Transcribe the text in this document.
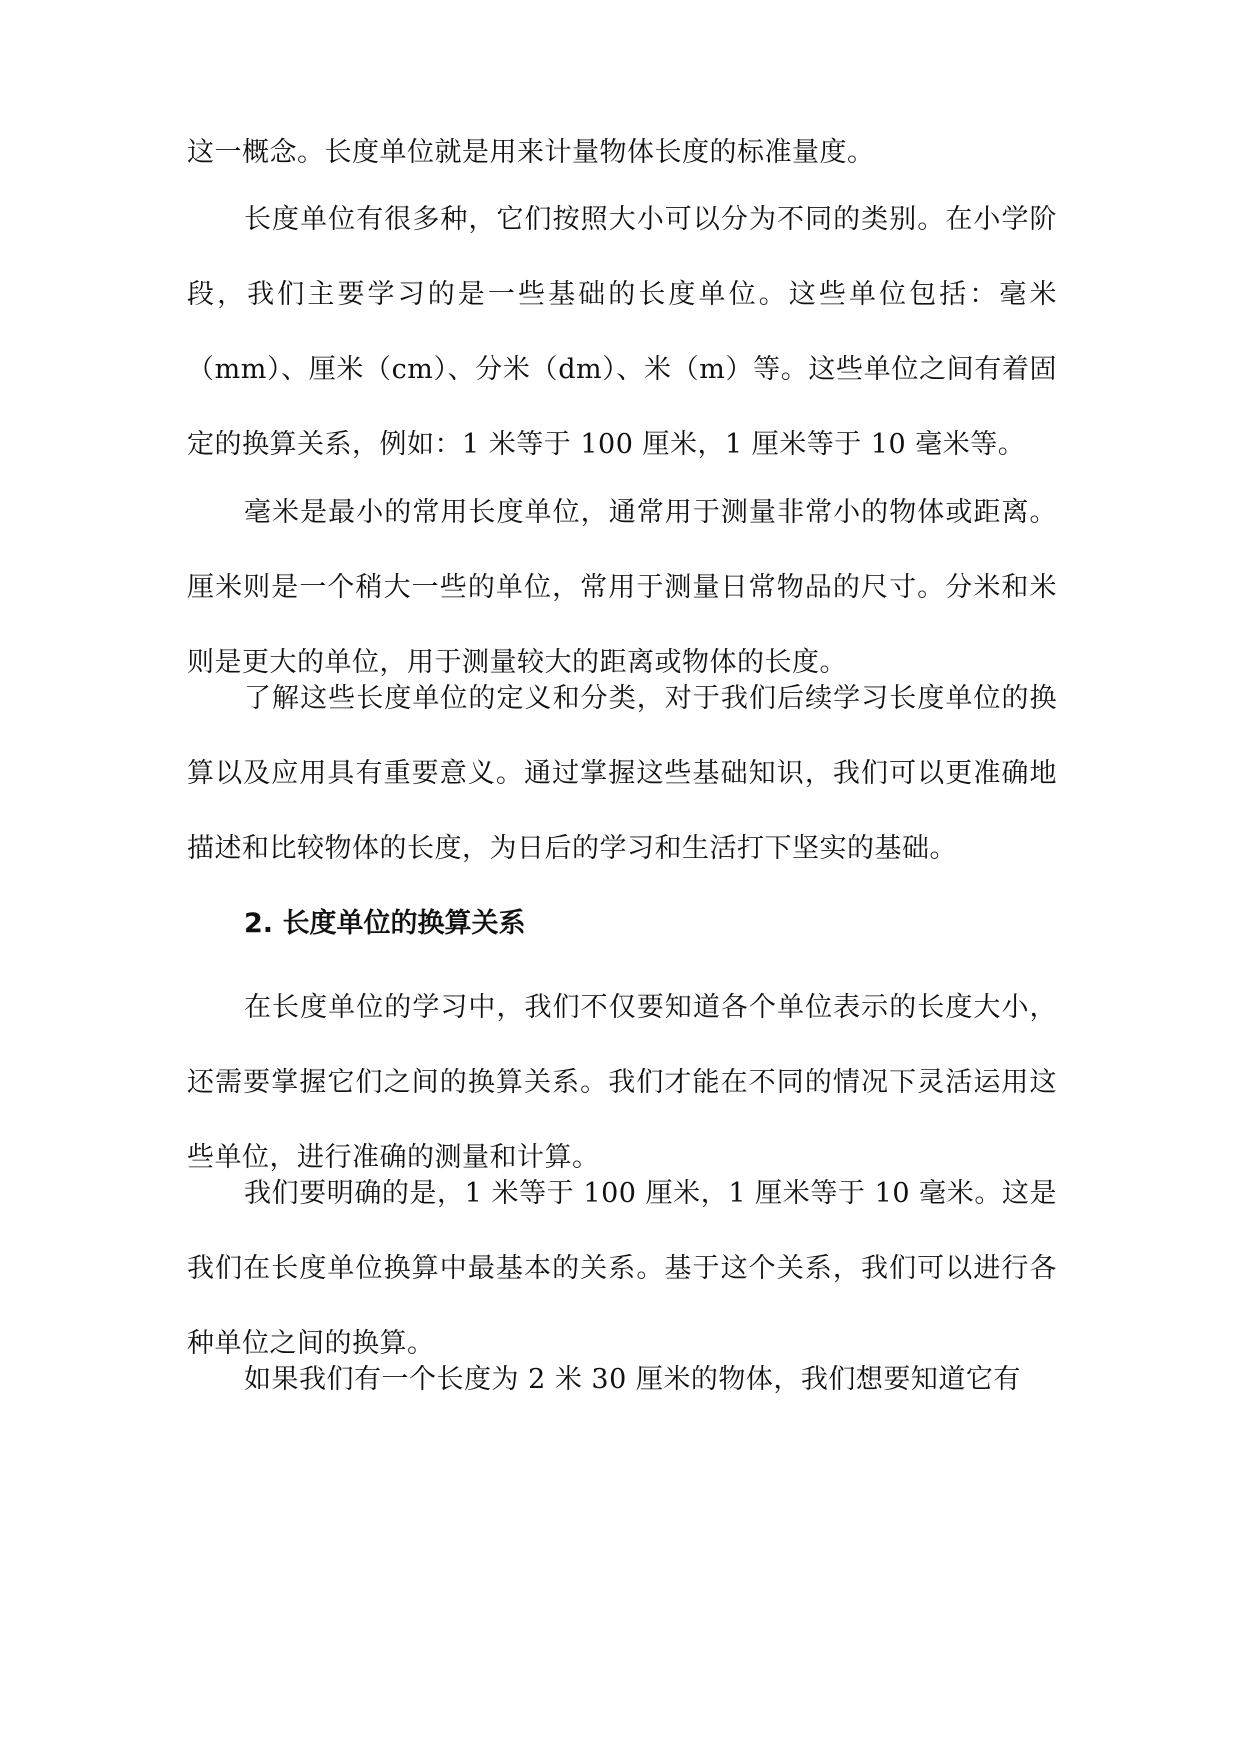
这一概念。长度单位就是用来计量物体长度的标准量度。

长度单位有很多种，它们按照大小可以分为不同的类别。在小学阶段，我们主要学习的是一些基础的长度单位。这些单位包括：毫米（mm）、厘米（cm）、分米（dm）、米（m）等。这些单位之间有着固定的换算关系，例如：1 米等于 100 厘米，1 厘米等于 10 毫米等。

毫米是最小的常用长度单位，通常用于测量非常小的物体或距离。厘米则是一个稍大一些的单位，常用于测量日常物品的尺寸。分米和米则是更大的单位，用于测量较大的距离或物体的长度。

了解这些长度单位的定义和分类，对于我们后续学习长度单位的换算以及应用具有重要意义。通过掌握这些基础知识，我们可以更准确地描述和比较物体的长度，为日后的学习和生活打下坚实的基础。

2. 长度单位的换算关系

在长度单位的学习中，我们不仅要知道各个单位表示的长度大小，还需要掌握它们之间的换算关系。我们才能在不同的情况下灵活运用这些单位，进行准确的测量和计算。

我们要明确的是，1 米等于 100 厘米，1 厘米等于 10 毫米。这是我们在长度单位换算中最基本的关系。基于这个关系，我们可以进行各种单位之间的换算。

如果我们有一个长度为 2 米 30 厘米的物体，我们想要知道它有
